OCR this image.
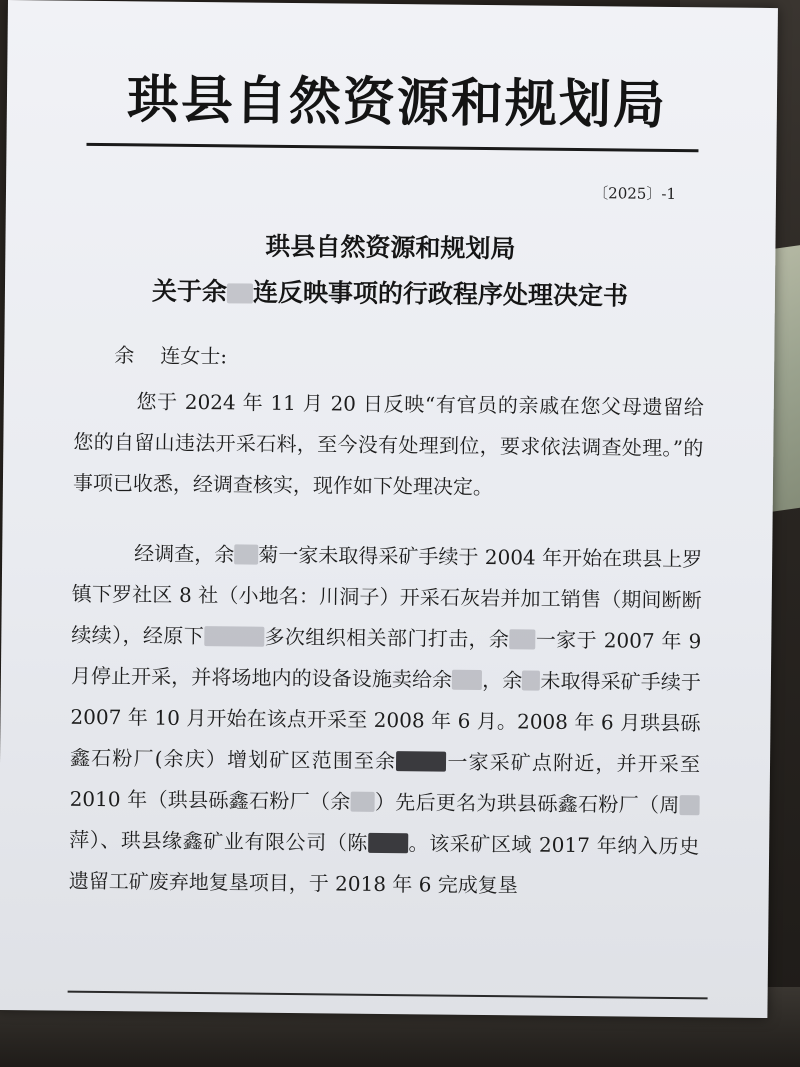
珙县自然资源和规划局
〔2025〕-1
珙县自然资源和规划局
关于余 连反映事项的行政程序处理决定书
余 连女士:
您于 2024 年 11 月 20 日反映“有官员的亲戚在您父母遗留给您的自留山违法开采石料，至今没有处理到位，要求依法调查处理。”的事项已收悉，经调查核实，现作如下处理决定。
经调查，余 菊一家未取得采矿手续于 2004 年开始在珙县上罗镇下罗社区 8 社（小地名：川洞子）开采石灰岩并加工销售（期间断断续续），经原下	多次组织相关部门打击，余 一家于 2007 年 9 月停止开采，并将场地内的设备设施卖给余 ，余 未取得采矿手续于 2007 年 10 月开始在该点开采至 2008 年 6 月。2008 年 6 月珙县砾鑫石粉厂(余庆）增划矿区范围至余 一家采矿点附近，并开采至 2010 年（珙县砾鑫石粉厂（余 ）先后更名为珙县砾鑫石粉厂（周萍）、珙县缘鑫矿业有限公司（陈 。该采矿区域 2017 年纳入历史遗留工矿废弃地复垦项目，于 2018 年 6 完成复垦
